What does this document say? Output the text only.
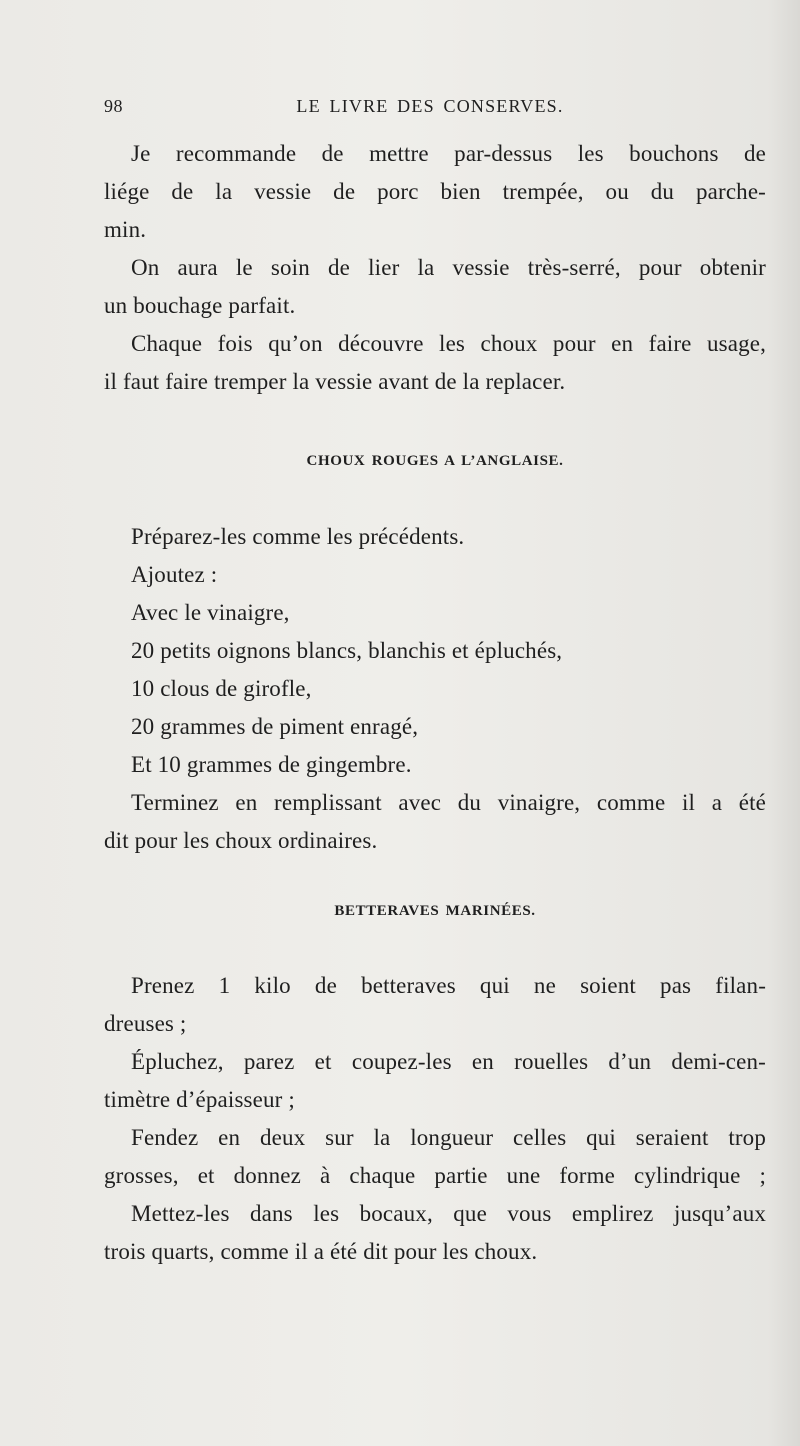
98	LE LIVRE DES CONSERVES.
Je recommande de mettre par-dessus les bouchons de
liége de la vessie de porc bien trempée, ou du parche-
min.
On aura le soin de lier la vessie très-serré, pour obtenir
un bouchage parfait.
Chaque fois qu’on découvre les choux pour en faire usage,
il faut faire tremper la vessie avant de la replacer.
CHOUX ROUGES A L’ANGLAISE.
Préparez-les comme les précédents.
Ajoutez :
Avec le vinaigre,
20 petits oignons blancs, blanchis et épluchés,
10 clous de girofle,
20 grammes de piment enragé,
Et 10 grammes de gingembre.
Terminez en remplissant avec du vinaigre, comme il a été
dit pour les choux ordinaires.
BETTERAVES MARINÉES.
Prenez 1 kilo de betteraves qui ne soient pas filan-
dreuses ;
Épluchez, parez et coupez-les en rouelles d’un demi-cen-
timètre d’épaisseur ;
Fendez en deux sur la longueur celles qui seraient trop
grosses, et donnez à chaque partie une forme cylindrique ;
Mettez-les dans les bocaux, que vous emplirez jusqu’aux
trois quarts, comme il a été dit pour les choux.
